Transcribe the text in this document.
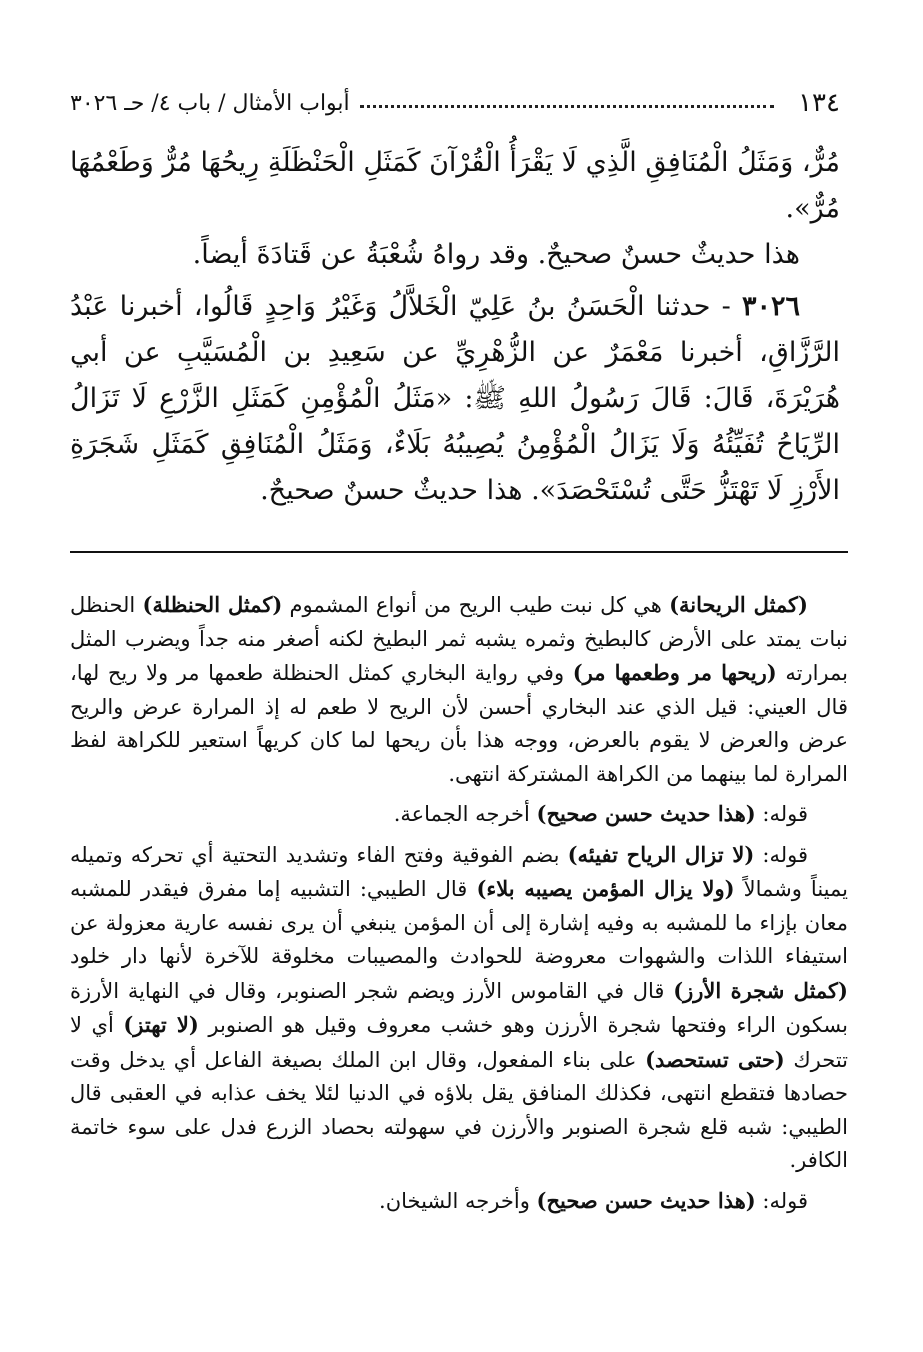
١٣٤
أبواب الأمثال / باب ٤/ حـ ٣٠٢٦

مُرٌّ، وَمَثَلُ الْمُنَافِقِ الَّذِي لَا يَقْرَأُ الْقُرْآنَ كَمَثَلِ الْحَنْظَلَةِ رِيحُهَا مُرٌّ وَطَعْمُهَا مُرٌّ».

هذا حديثٌ حسنٌ صحيحٌ. وقد رواهُ شُعْبَةُ عن قَتادَةَ أيضاً.

٣٠٢٦ - حدثنا الْحَسَنُ بنُ عَلِيّ الْخَلاَّلُ وَغَيْرُ وَاحِدٍ قَالُوا، أخبرنا عَبْدُ الرَّزَّاقِ، أخبرنا مَعْمَرٌ عن الزُّهْرِيِّ عن سَعِيدِ بن الْمُسَيَّبِ عن أبي هُرَيْرَةَ، قَالَ: قَالَ رَسُولُ اللهِ ﷺ: «مَثَلُ الْمُؤْمِنِ كَمَثَلِ الزَّرْعِ لَا تَزَالُ الرِّيَاحُ تُفَيِّئُهُ وَلَا يَزَالُ الْمُؤْمِنُ يُصِيبُهُ بَلَاءٌ، وَمَثَلُ الْمُنَافِقِ كَمَثَلِ شَجَرَةِ الأَرْزِ لَا تَهْتَزُّ حَتَّى تُسْتَحْصَدَ». هذا حديثٌ حسنٌ صحيحٌ.

(كمثل الريحانة) هي كل نبت طيب الريح من أنواع المشموم (كمثل الحنظلة) الحنظل نبات يمتد على الأرض كالبطيخ وثمره يشبه ثمر البطيخ لكنه أصغر منه جداً ويضرب المثل بمرارته (ريحها مر وطعمها مر) وفي رواية البخاري كمثل الحنظلة طعمها مر ولا ريح لها، قال العيني: قيل الذي عند البخاري أحسن لأن الريح لا طعم له إذ المرارة عرض والريح عرض والعرض لا يقوم بالعرض، ووجه هذا بأن ريحها لما كان كريهاً استعير للكراهة لفظ المرارة لما بينهما من الكراهة المشتركة انتهى.

قوله: (هذا حديث حسن صحيح) أخرجه الجماعة.

قوله: (لا تزال الرياح تفيئه) بضم الفوقية وفتح الفاء وتشديد التحتية أي تحركه وتميله يميناً وشمالاً (ولا يزال المؤمن يصيبه بلاء) قال الطيبي: التشبيه إما مفرق فيقدر للمشبه معان بإزاء ما للمشبه به وفيه إشارة إلى أن المؤمن ينبغي أن يرى نفسه عارية معزولة عن استيفاء اللذات والشهوات معروضة للحوادث والمصيبات مخلوقة للآخرة لأنها دار خلود (كمثل شجرة الأرز) قال في القاموس الأرز ويضم شجر الصنوبر، وقال في النهاية الأرزة بسكون الراء وفتحها شجرة الأرزن وهو خشب معروف وقيل هو الصنوبر (لا تهتز) أي لا تتحرك (حتى تستحصد) على بناء المفعول، وقال ابن الملك بصيغة الفاعل أي يدخل وقت حصادها فتقطع انتهى، فكذلك المنافق يقل بلاؤه في الدنيا لئلا يخف عذابه في العقبى قال الطيبي: شبه قلع شجرة الصنوبر والأرزن في سهولته بحصاد الزرع فدل على سوء خاتمة الكافر.

قوله: (هذا حديث حسن صحيح) وأخرجه الشيخان.
